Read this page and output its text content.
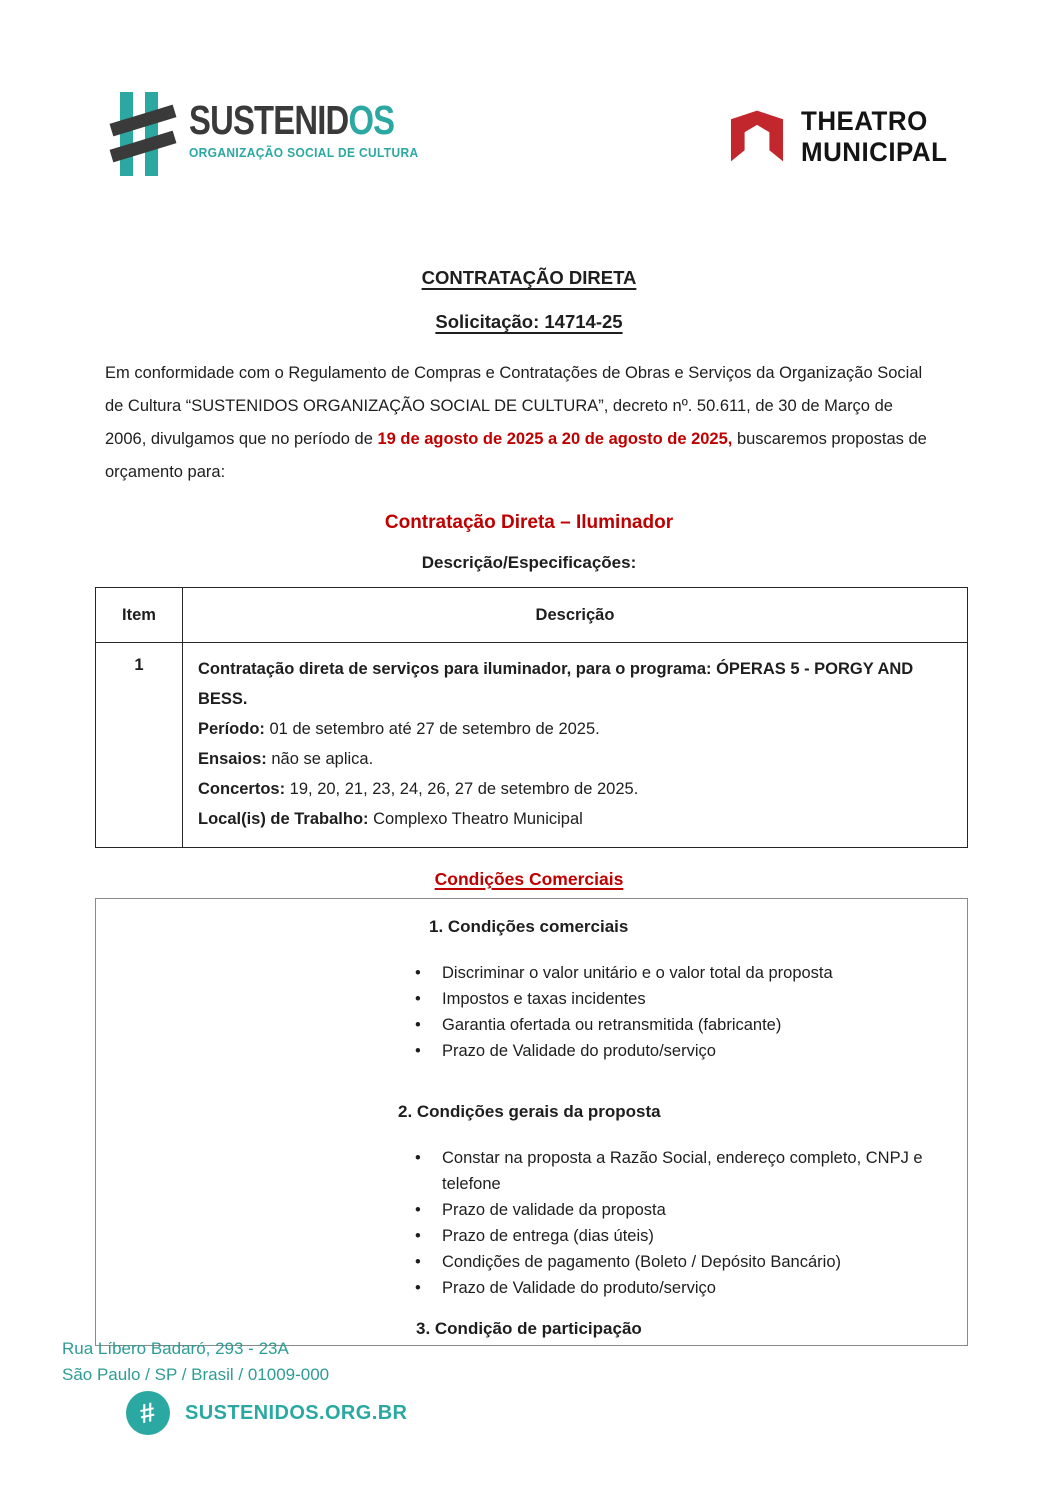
SUSTENIDOS
ORGANIZAÇÃO SOCIAL DE CULTURA
THEATRO
MUNICIPAL
CONTRATAÇÃO DIRETA
Solicitação: 14714-25

Em conformidade com o Regulamento de Compras e Contratações de Obras e Serviços da Organização Social de Cultura “SUSTENIDOS ORGANIZAÇÃO SOCIAL DE CULTURA”, decreto nº. 50.611, de 30 de Março de 2006, divulgamos que no período de 19 de agosto de 2025 a 20 de agosto de 2025, buscaremos propostas de orçamento para:

Contratação Direta – Iluminador
Descrição/Especificações:
Item	Descrição
1	Contratação direta de serviços para iluminador, para o programa: ÓPERAS 5 - PORGY AND BESS.

Período: 01 de setembro até 27 de setembro de 2025.

Ensaios: não se aplica.

Concertos: 19, 20, 21, 23, 24, 26, 27 de setembro de 2025.

Local(is) de Trabalho: Complexo Theatro Municipal

Condições Comerciais
1. Condições comerciais
• Discriminar o valor unitário e o valor total da proposta
• Impostos e taxas incidentes
• Garantia ofertada ou retransmitida (fabricante)
• Prazo de Validade do produto/serviço
2. Condições gerais da proposta
• Constar na proposta a Razão Social, endereço completo, CNPJ e telefone
• Prazo de validade da proposta
• Prazo de entrega (dias úteis)
• Condições de pagamento (Boleto / Depósito Bancário)
• Prazo de Validade do produto/serviço
3. Condição de participação
Rua Líbero Badaró, 293 - 23A
São Paulo / SP / Brasil / 01009-000
# SUSTENIDOS.ORG.BR
